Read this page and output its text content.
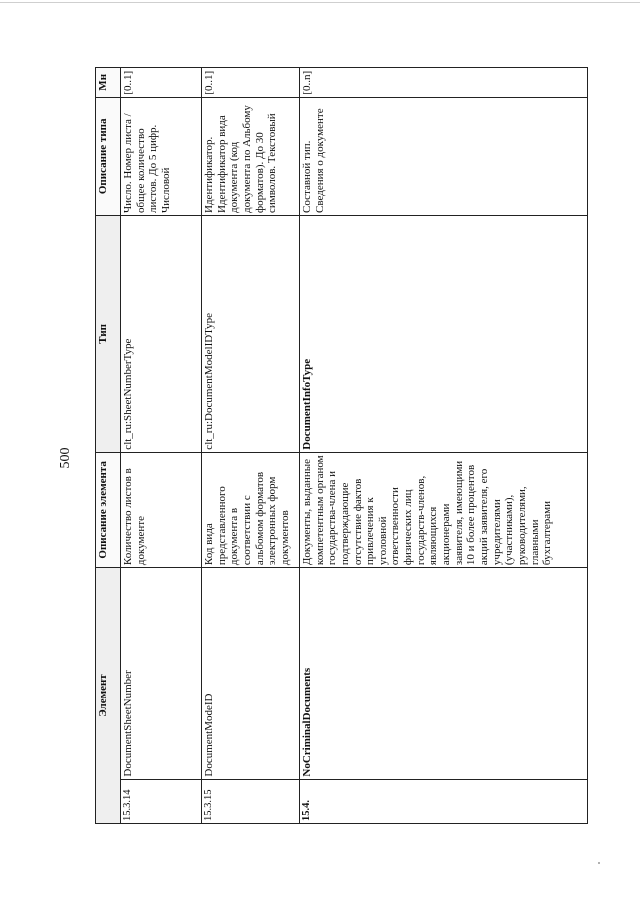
500
Элемент		Описание элемента	Тип	Описание типа	Мн
15.3.14	DocumentSheetNumber	Количество листов в документе	clt_ru:SheetNumberType	Число. Номер листа / общее количество листов. До 5 цифр. Числовой	[0..1]
15.3.15	DocumentModeID	Код вида представленного документа в соответствии с альбомом форматов электронных форм документов	clt_ru:DocumentModelIDType	Идентификатор. Идентификатор вида документа (код документа по Альбому форматов). До 30 символов. Текстовый	[0..1]
15.4.	NoCriminalDocuments	Документы, выданные компетентным органом государства-члена и подтверждающие отсутствие фактов привлечения к уголовной ответственности физических лиц государств-членов, являющихся акционерами заявителя, имеющими 10 и более процентов акций заявителя, его учредителями (участниками), руководителями, главными бухгалтерами	DocumentInfoType	Составной тип. Сведения о документе	[0..n]
